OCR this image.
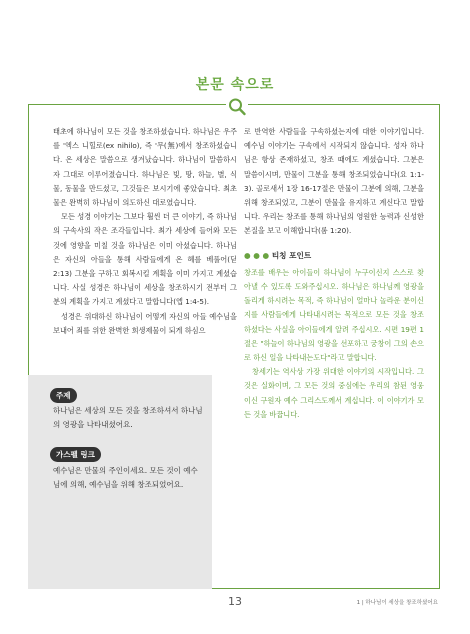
본문 속으로

태초에 하나님이 모든 것을 창조하셨습니다. 하나님은 우주를 '엑스 니힐로(ex nihilo), 즉 '무(無)에서 창조하셨습니다. 온 세상은 말씀으로 생겨났습니다. 하나님이 말씀하시자 그대로 이루어졌습니다. 하나님은 빛, 땅, 하늘, 별, 식물, 동물을 만드셨고, 그것들은 보시기에 좋았습니다. 최초물은 완벽히 하나님이 의도하신 대로였습니다.

모든 성경 이야기는 그보다 훨씬 더 큰 이야기, 즉 하나님의 구속사의 작은 조각들입니다. 최가 세상에 들어와 모든 것에 영향을 미칠 것을 하나님은 이미 아셨습니다. 하나님은 자신의 아들을 통해 사람들에게 온 혜를 베풀어(딛 2:13) 그분을 구하고 회복시킬 계획을 이미 가지고 계셨습니다. 사실 성경은 하나님이 세상을 창조하시기 전부터 그분의 계획을 가지고 계셨다고 말합니다(엡 1:4-5).

성경은 위대하신 하나님이 어떻게 자신의 아들 예수님을 보내어 죄를 위한 완벽한 희생제물이 되게 하심으

로 반역한 사람들을 구속하셨는지에 대한 이야기입니다. 예수님 이야기는 구속에서 시작되지 않습니다. 성자 하나님은 항상 존재하셨고, 창조 때에도 계셨습니다. 그분은 말씀이시며, 만물이 그분을 통해 창조되었습니다(요 1:1-3). 골로새서 1장 16-17절은 만물이 그분에 의해, 그분을 위해 창조되었고, 그분이 만물을 유지하고 계신다고 말합니다. 우리는 창조를 통해 하나님의 영원한 능력과 신성한 본질을 보고 이해합니다(롬 1:20).

● ● ● 티칭 포인트

창조를 배우는 아이들이 하나님이 누구이신지 스스로 찾아낼 수 있도록 도와주십시오. 하나님은 하나님께 영광을 돌리게 하시려는 목적, 즉 하나님이 얼마나 놀라운 분이신지를 사람들에게 나타내시려는 목적으로 모든 것을 창조하셨다는 사실을 아이들에게 알려 주십시오. 시편 19편 1절은 "하늘이 하나님의 영광을 선포하고 궁창이 그의 손으로 하신 일을 나타내는도다"라고 말합니다.

창세기는 역사상 가장 위대한 이야기의 시작입니다. 그것은 실화이며, 그 모든 것의 중심에는 우리의 참된 영웅이신 구원자 예수 그리스도께서 계십니다. 이 이야기가 모든 것을 바꿉니다.

주제
하나님은 세상의 모든 것을 창조하셔서 하나님의 영광을 나타내셨어요.
가스펠 링크
예수님은 만물의 주인이세요. 모든 것이 예수님에 의해, 예수님을 위해 창조되었어요.
13	1 | 하나님이 세상을 창조하셨어요
